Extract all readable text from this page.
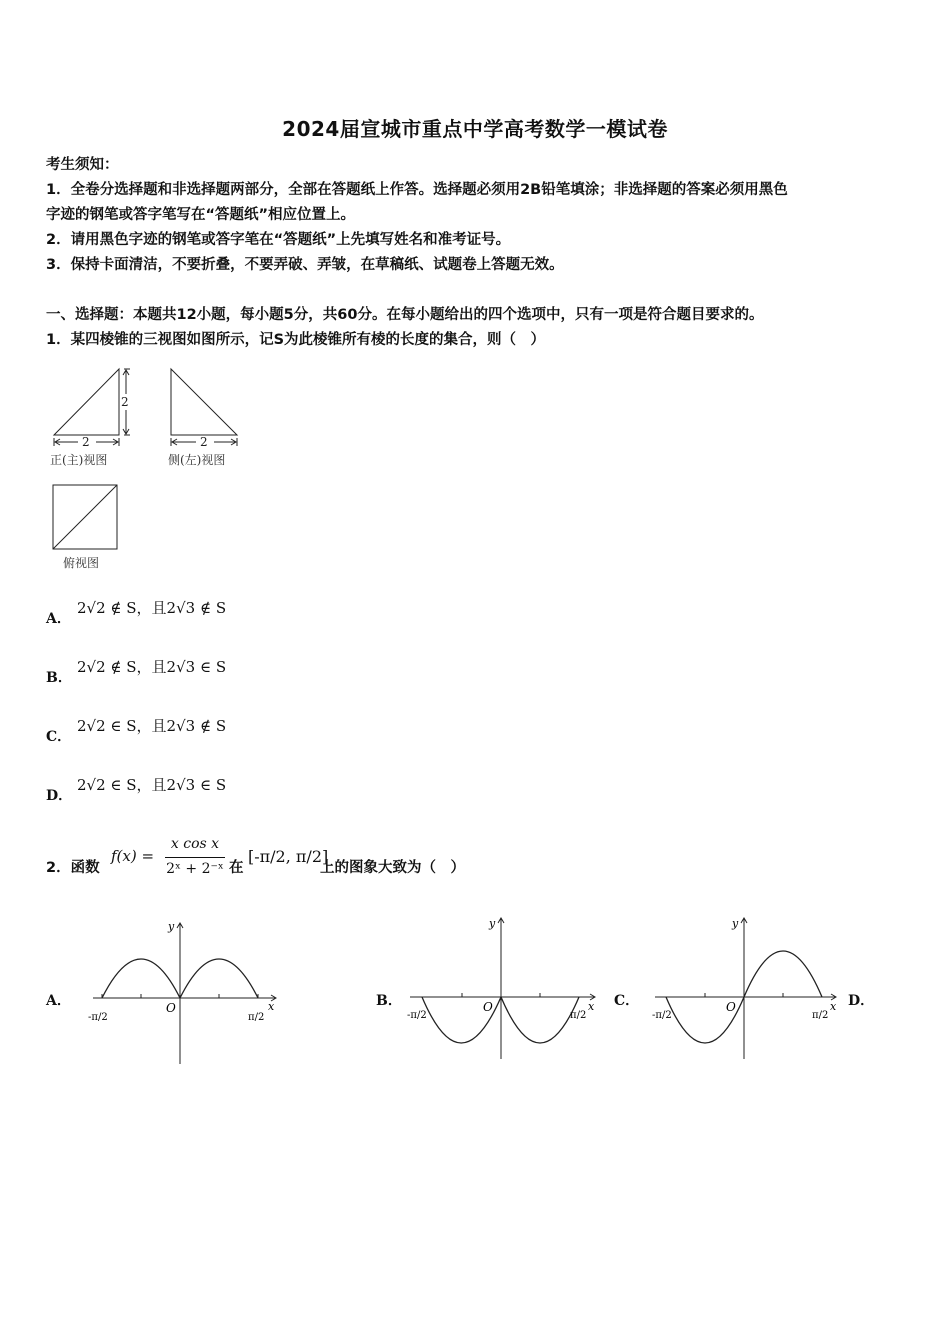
2024届宣城市重点中学高考数学一模试卷
考生须知：
1．全卷分选择题和非选择题两部分，全部在答题纸上作答。选择题必须用2B铅笔填涂；非选择题的答案必须用黑色
字迹的钢笔或答字笔写在“答题纸”相应位置上。
2．请用黑色字迹的钢笔或答字笔在“答题纸”上先填写姓名和准考证号。
3．保持卡面清洁，不要折叠，不要弄破、弄皱，在草稿纸、试题卷上答题无效。
一、选择题：本题共12小题，每小题5分，共60分。在每小题给出的四个选项中，只有一项是符合题目要求的。
1．某四棱锥的三视图如图所示，记S为此棱锥所有棱的长度的集合，则（　）
2
2
正(主)视图
2
侧(左)视图
俯视图
A．
2√2 ∉ S，且2√3 ∉ S
B．
2√2 ∉ S，且2√3 ∈ S
C．
2√2 ∈ S，且2√3 ∉ S
D．
2√2 ∈ S，且2√3 ∈ S
2．函数
f(x) =
x cos x
2ˣ + 2⁻ˣ 在
[-π/2, π/2]
上的图象大致为（　）
A．	B．	C．	D．
y
x
O
-π/2	π/2
y
x
O
-π/2	π/2
y
x
O
-π/2	π/2
